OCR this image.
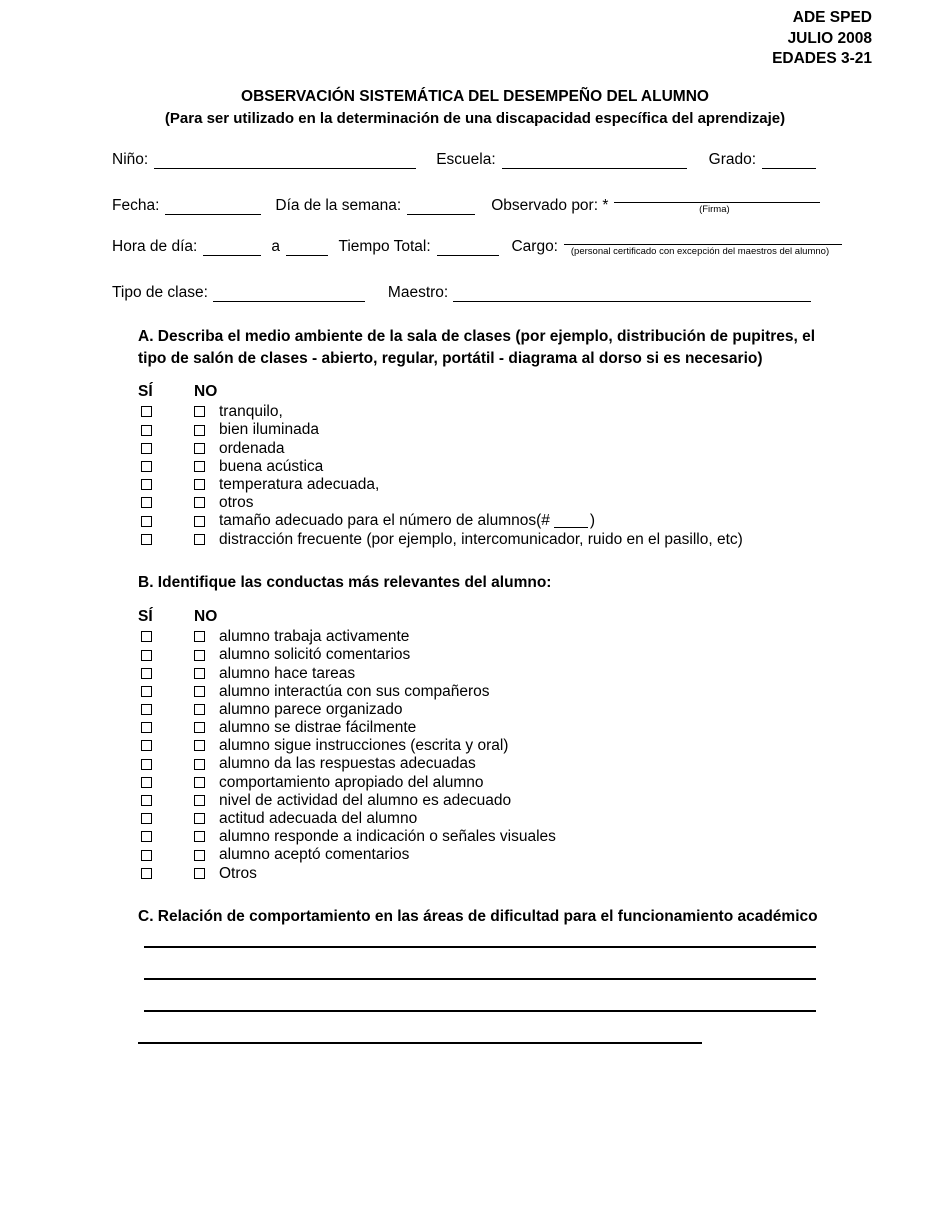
ADE SPED
JULIO 2008
EDADES 3-21
OBSERVACIÓN SISTEMÁTICA DEL DESEMPEÑO DEL ALUMNO
(Para ser utilizado en la determinación de una discapacidad específica del aprendizaje)
Niño:	Escuela:	Grado:
Fecha:	Día de la semana:	Observado por: *	(Firma)
Hora de día:	a	Tiempo Total:	Cargo:	(personal certificado con excepción del maestros del alumno)
Tipo de clase:	Maestro:
A. Describa el medio ambiente de la sala de clases (por ejemplo, distribución de pupitres, el tipo de salón de clases - abierto, regular, portátil - diagrama al dorso si es necesario)
SÍ	NO
tranquilo,
bien iluminada
ordenada
buena acústica
temperatura adecuada,
otros
tamaño adecuado para el número de alumnos(#	)
distracción frecuente (por ejemplo, intercomunicador, ruido en el pasillo, etc)
B. Identifique las conductas más relevantes del alumno:
SÍ	NO
alumno trabaja activamente
alumno solicitó comentarios
alumno hace tareas
alumno interactúa con sus compañeros
alumno parece organizado
alumno se distrae fácilmente
alumno sigue instrucciones (escrita y oral)
alumno da las respuestas adecuadas
comportamiento apropiado del alumno
nivel de actividad del alumno es adecuado
actitud adecuada del alumno
alumno responde a indicación o señales visuales
alumno aceptó comentarios
Otros
C. Relación de comportamiento en las áreas de dificultad para el funcionamiento académico
